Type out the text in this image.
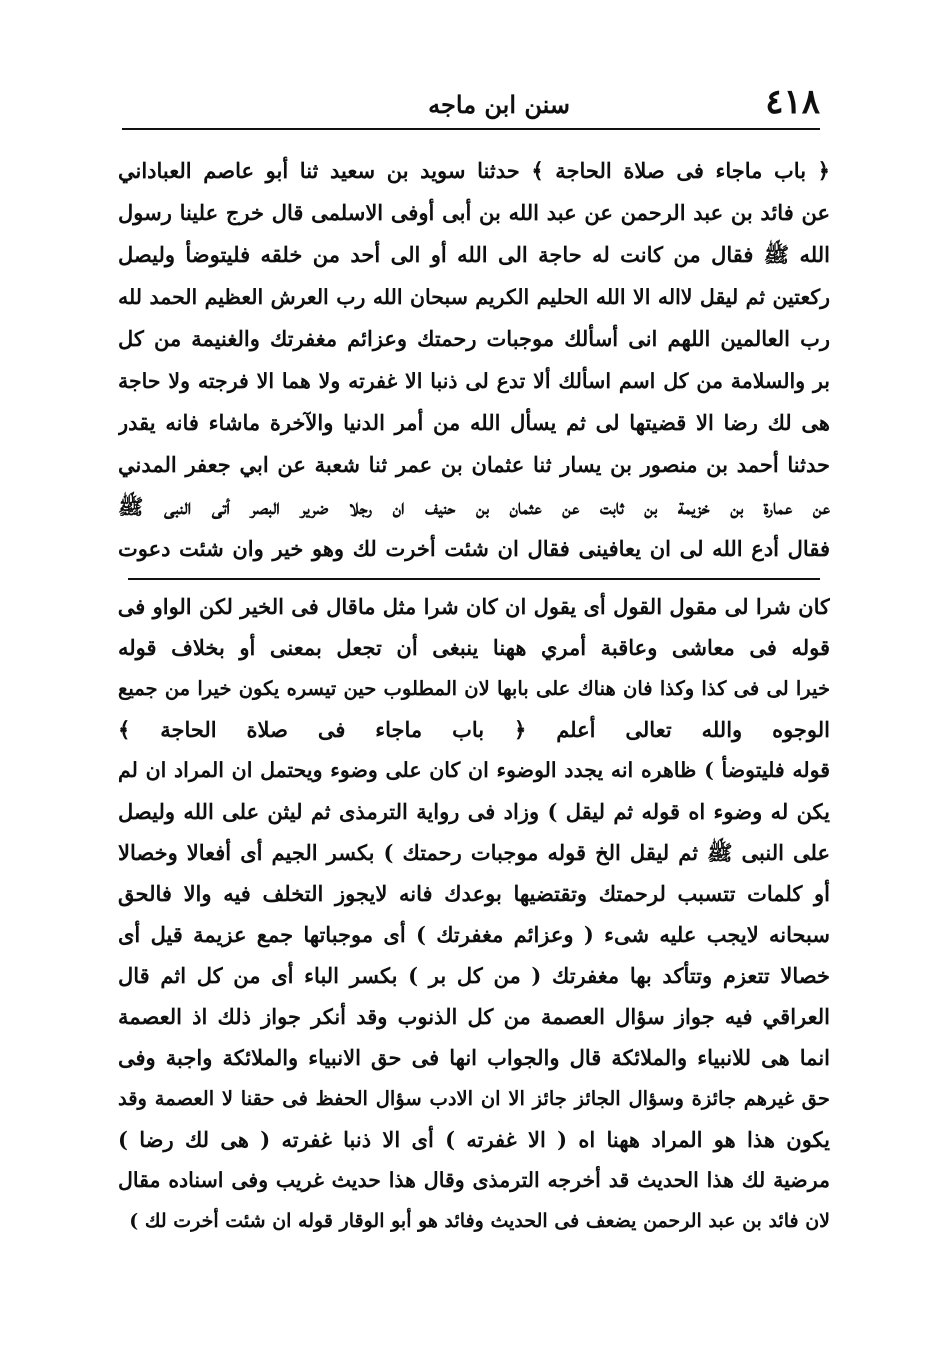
٤١٨
سنن ابن ماجه
﴿ باب ماجاء فى صلاة الحاجة ﴾ حدثنا سويد بن سعيد ثنا أبو عاصم العباداني
عن فائد بن عبد الرحمن عن عبد الله بن أبى أوفى الاسلمى قال خرج علينا رسول
الله ﷺ فقال من كانت له حاجة الى الله أو الى أحد من خلقه فليتوضأ وليصل
ركعتين ثم ليقل لااله الا الله الحليم الكريم سبحان الله رب العرش العظيم الحمد لله
رب العالمين اللهم انى أسألك موجبات رحمتك وعزائم مغفرتك والغنيمة من كل
بر والسلامة من كل اسم اسألك ألا تدع لى ذنبا الا غفرته ولا هما الا فرجته ولا حاجة
هى لك رضا الا قضيتها لى ثم يسأل الله من أمر الدنيا والآخرة ماشاء فانه يقدر
حدثنا أحمد بن منصور بن يسار ثنا عثمان بن عمر ثنا شعبة عن ابي جعفر المدني
عن عمارة بن خزيمة بن ثابت عن عثمان بن حنيف ان رجلا ضرير البصر أتى النبى ﷺ
فقال أدع الله لى ان يعافينى فقال ان شئت أخرت لك وهو خير وان شئت دعوت
كان شرا لى مقول القول أى يقول ان كان شرا مثل ماقال فى الخير لكن الواو فى
قوله فى معاشى وعاقبة أمري ههنا ينبغى أن تجعل بمعنى أو بخلاف قوله
خيرا لى فى كذا وكذا فان هناك على بابها لان المطلوب حين تيسره يكون خيرا من جميع
الوجوه والله تعالى أعلم ﴿ باب ماجاء فى صلاة الحاجة ﴾
قوله فليتوضأ ) ظاهره انه يجدد الوضوء ان كان على وضوء ويحتمل ان المراد ان لم
يكن له وضوء اه قوله ثم ليقل ) وزاد فى رواية الترمذى ثم ليثن على الله وليصل
على النبى ﷺ ثم ليقل الخ قوله موجبات رحمتك ) بكسر الجيم أى أفعالا وخصالا
أو كلمات تتسبب لرحمتك وتقتضيها بوعدك فانه لايجوز التخلف فيه والا فالحق
سبحانه لايجب عليه شىء ( وعزائم مغفرتك ) أى موجباتها جمع عزيمة قيل أى
خصالا تتعزم وتتأكد بها مغفرتك ( من كل بر ) بكسر الباء أى من كل اثم قال
العراقي فيه جواز سؤال العصمة من كل الذنوب وقد أنكر جواز ذلك اذ العصمة
انما هى للانبياء والملائكة قال والجواب انها فى حق الانبياء والملائكة واجبة وفى
حق غيرهم جائزة وسؤال الجائز جائز الا ان الادب سؤال الحفظ فى حقنا لا العصمة وقد
يكون هذا هو المراد ههنا اه ( الا غفرته ) أى الا ذنبا غفرته ( هى لك رضا )
مرضية لك هذا الحديث قد أخرجه الترمذى وقال هذا حديث غريب وفى اسناده مقال
لان فائد بن عبد الرحمن يضعف فى الحديث وفائد هو أبو الوقار قوله ان شئت أخرت لك )
